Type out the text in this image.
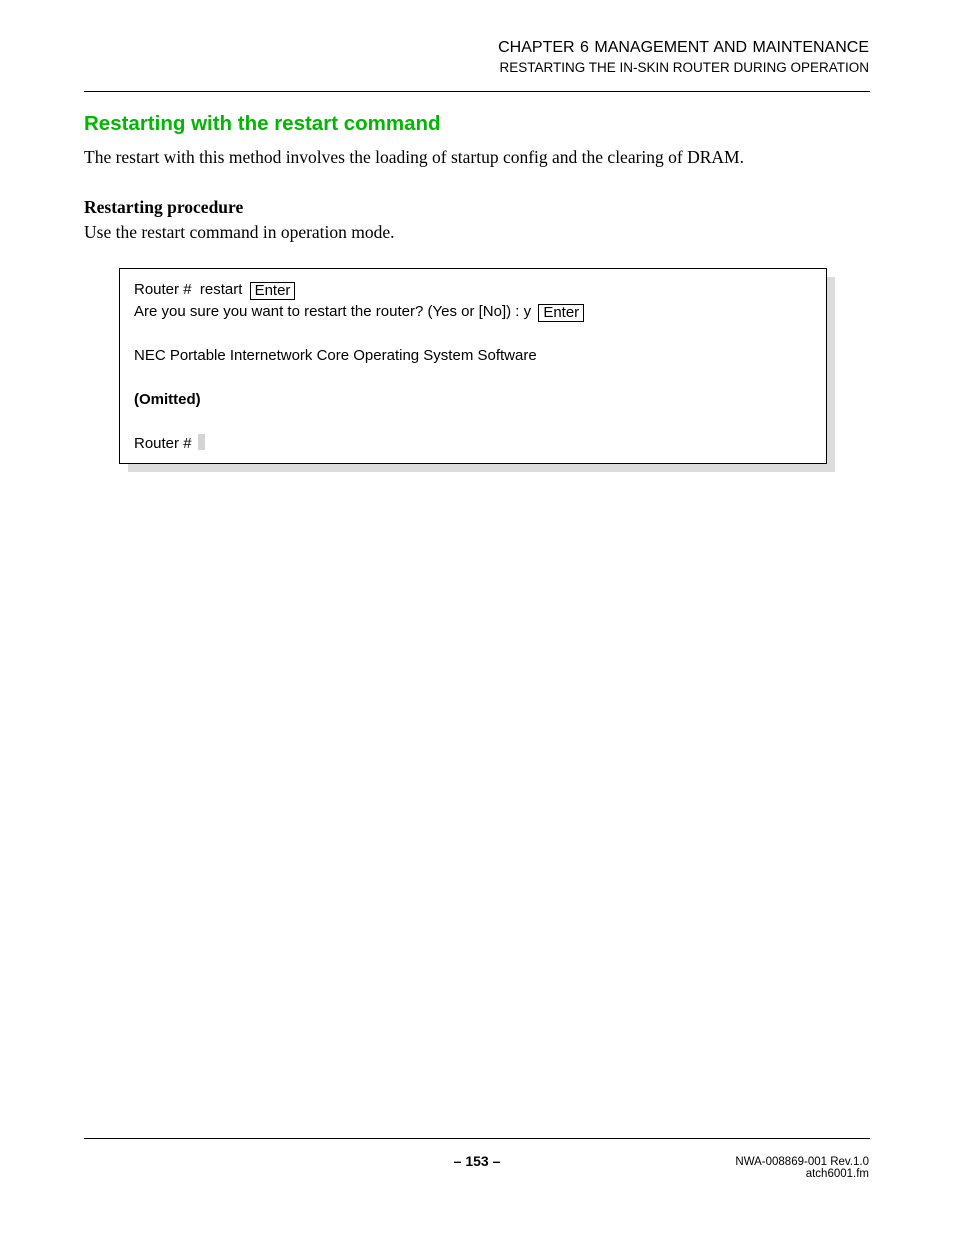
CHAPTER 6 MANAGEMENT AND MAINTENANCE
RESTARTING THE IN-SKIN ROUTER DURING OPERATION
Restarting with the restart command
The restart with this method involves the loading of startup config and the clearing of DRAM.
Restarting procedure
Use the restart command in operation mode.
Router #  restart Enter
Are you sure you want to restart the router? (Yes or [No]) : y Enter
NEC Portable Internetwork Core Operating System Software
(Omitted)
Router #
– 153 –	NWA-008869-001 Rev.1.0
atch6001.fm
